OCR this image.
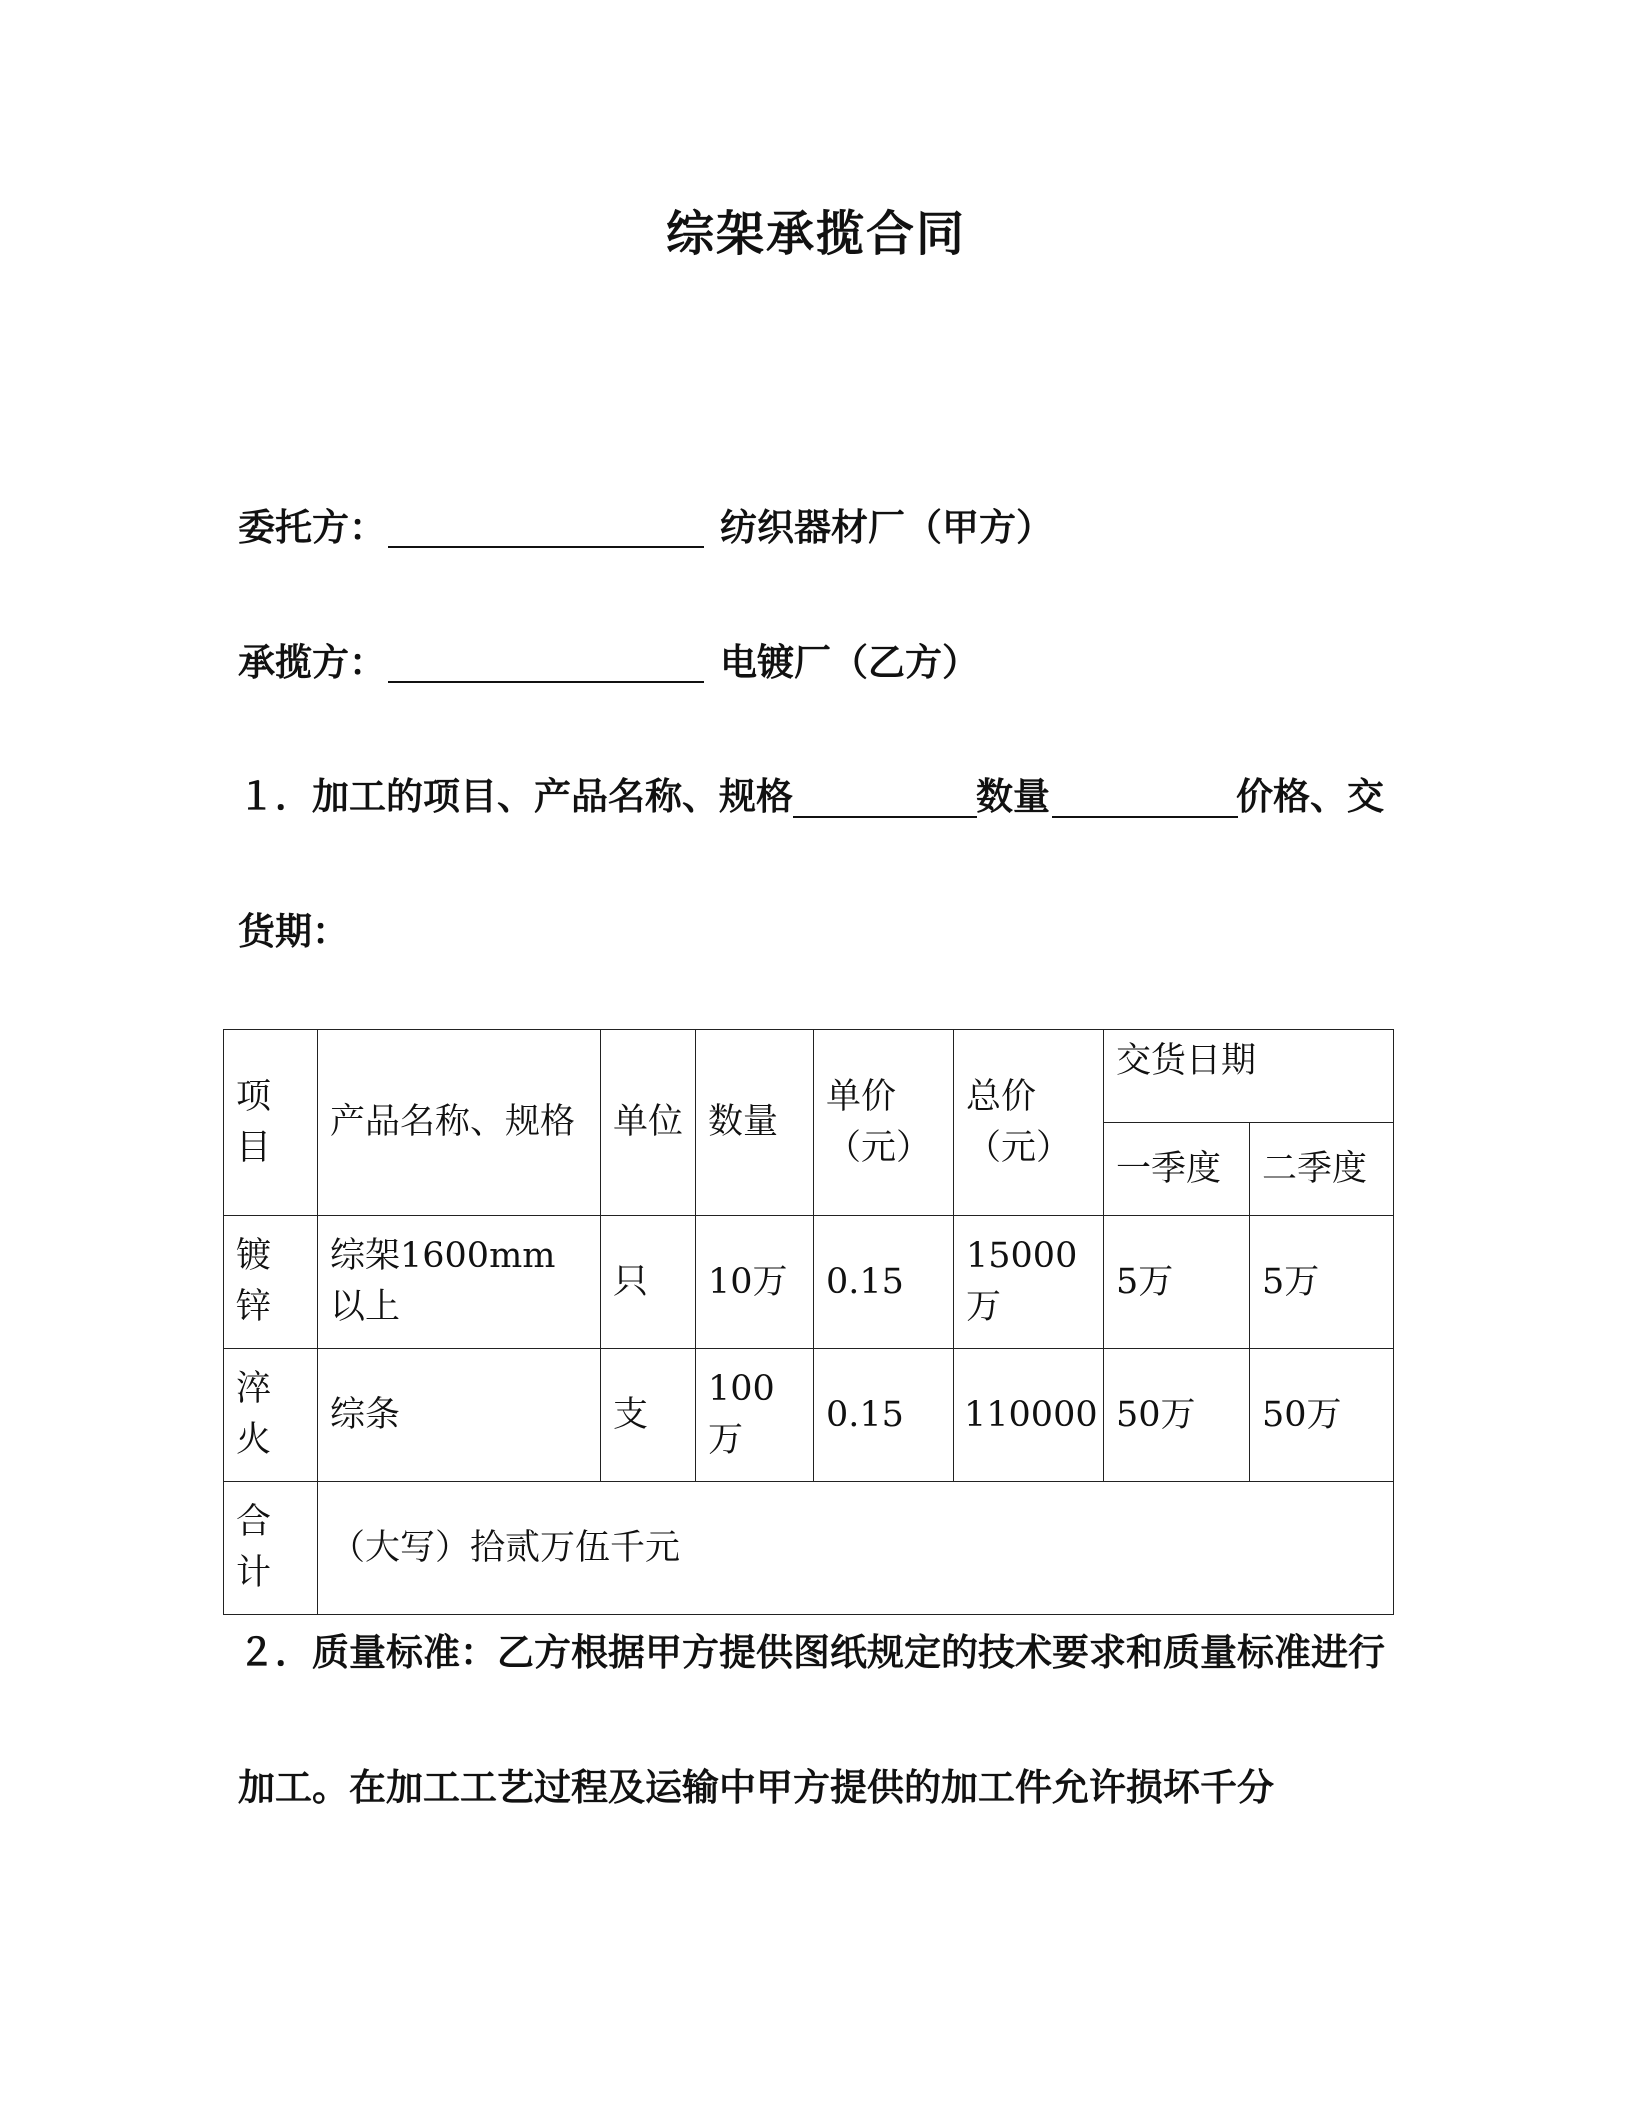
综架承揽合同
委托方：	纺织器材厂（甲方）
承揽方：	电镀厂（乙方）
１．加工的项目、产品名称、规格	数量	价格、交
货期：
项目	产品名称、规格	单位	数量	单价（元）	总价（元）	交货日期	
						一季度	二季度
镀锌	综架1600mm以上	只	10万	0.15	15000万	5万	5万
淬火	综条	支	100万	0.15	110000	50万	50万
合计	（大写）拾贰万伍千元						
２．质量标准：乙方根据甲方提供图纸规定的技术要求和质量标准进行
加工。在加工工艺过程及运输中甲方提供的加工件允许损坏千分
